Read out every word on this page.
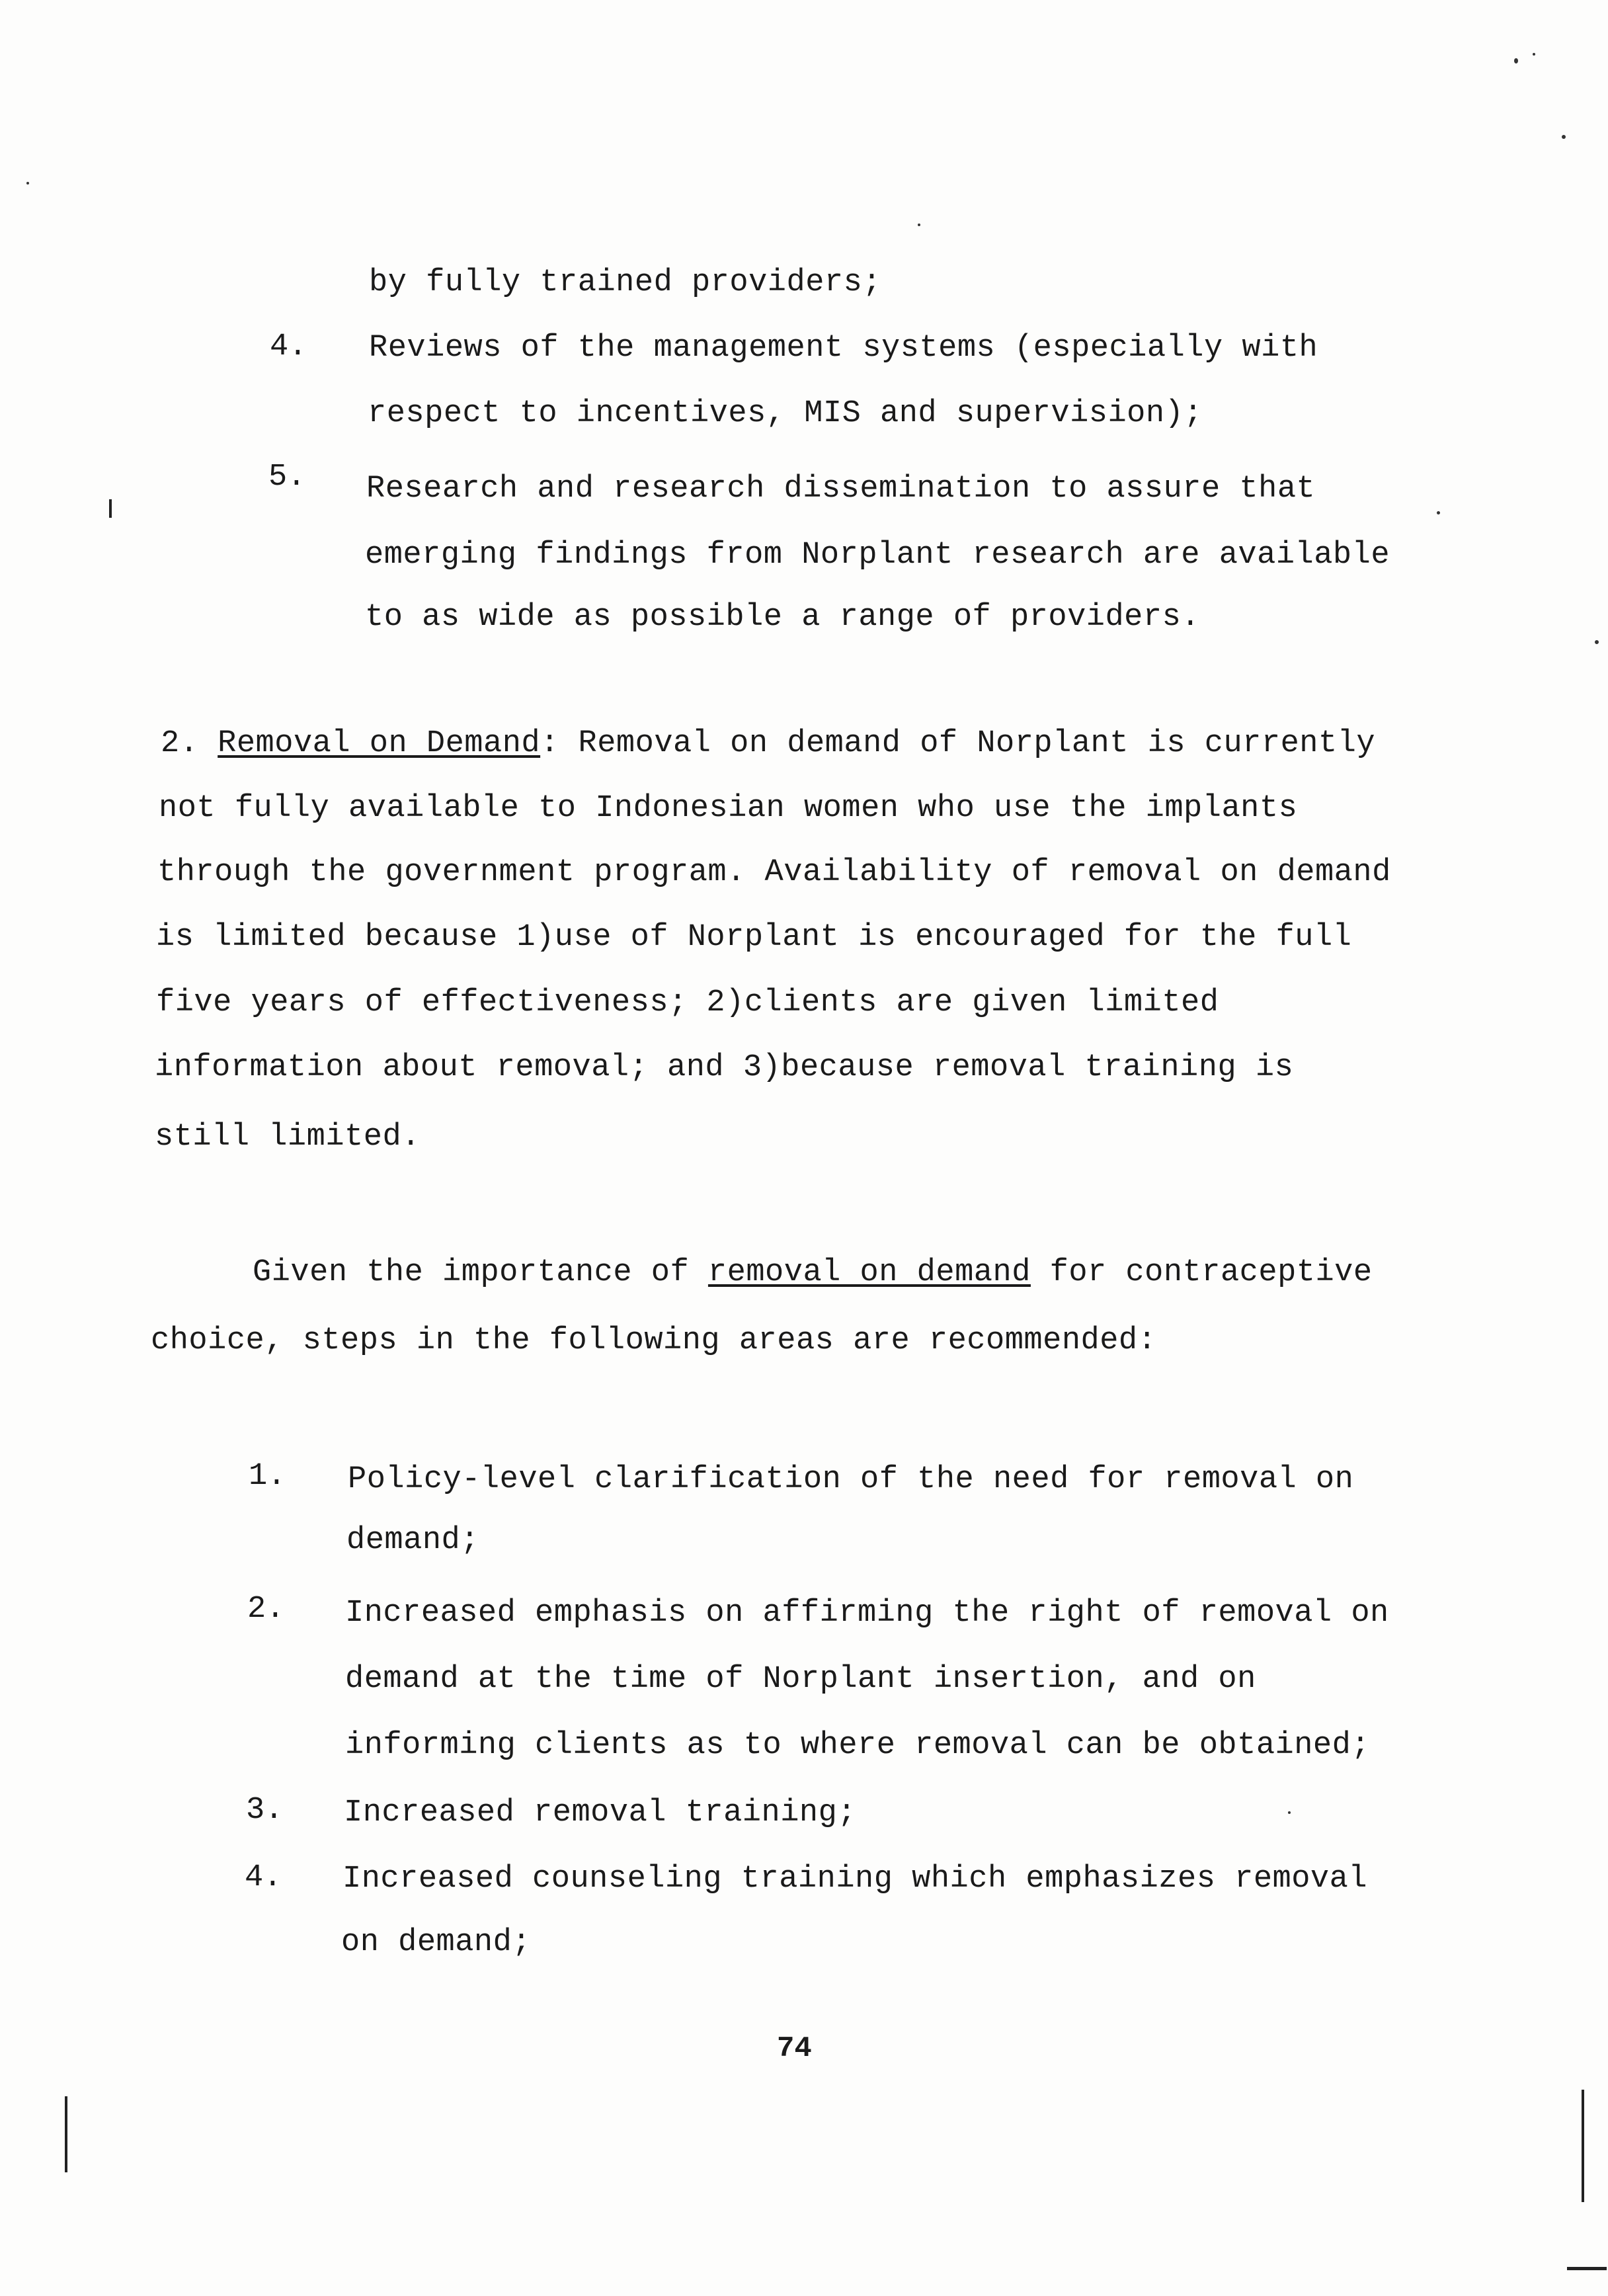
by fully trained providers;
4. Reviews of the management systems (especially with
respect to incentives, MIS and supervision);
5. Research and research dissemination to assure that
emerging findings from Norplant research are available
to as wide as possible a range of providers.
2. Removal on Demand: Removal on demand of Norplant is currently
not fully available to Indonesian women who use the implants
through the government program. Availability of removal on demand
is limited because 1)use of Norplant is encouraged for the full
five years of effectiveness; 2)clients are given limited
information about removal; and 3)because removal training is
still limited.
Given the importance of removal on demand for contraceptive
choice, steps in the following areas are recommended:
1. Policy-level clarification of the need for removal on
demand;
2. Increased emphasis on affirming the right of removal on
demand at the time of Norplant insertion, and on
informing clients as to where removal can be obtained;
3. Increased removal training;
4. Increased counseling training which emphasizes removal
on demand;
74
